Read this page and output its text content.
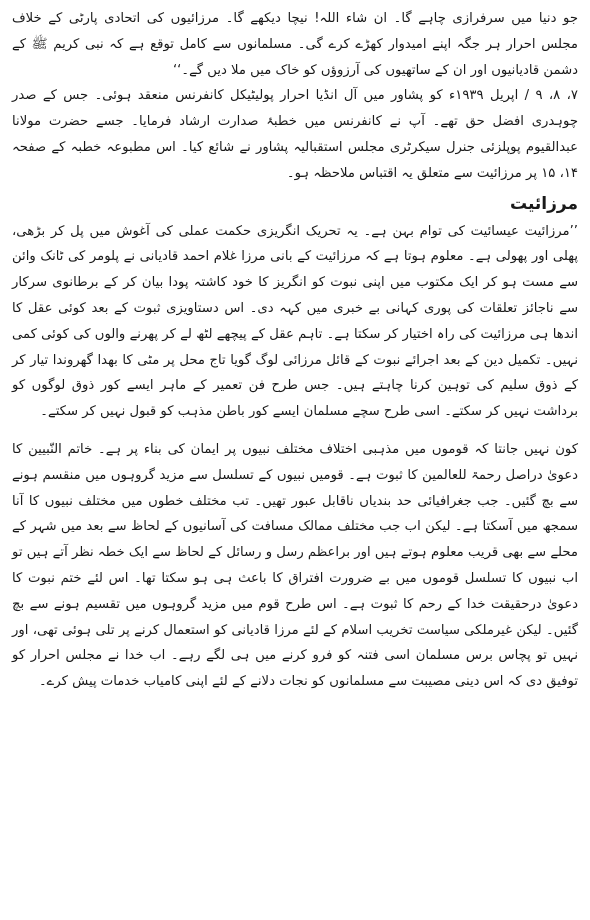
جو دنیا میں سرفرازی چاہے گا۔ ان شاء اللہ! نیچا دیکھے گا۔ مرزائیوں کی اتحادی پارٹی کے خلاف مجلس احرار ہر جگہ اپنے امیدوار کھڑے کرے گی۔ مسلمانوں سے کامل توقع ہے کہ نبی کریم ﷺ کے دشمن قادیانیوں اور ان کے ساتھیوں کی آرزوؤں کو خاک میں ملا دیں گے۔‘‘

۷، ۸، ۹ / اپریل ۱۹۳۹ء کو پشاور میں آل انڈیا احرار پولیٹیکل کانفرنس منعقد ہوئی۔ جس کے صدر چوہدری افضل حق تھے۔ آپ نے کانفرنس میں خطبۂ صدارت ارشاد فرمایا۔ جسے حضرت مولانا عبدالقیوم پوپلزئی جنرل سیکرٹری مجلس استقبالیہ پشاور نے شائع کیا۔ اس مطبوعہ خطبہ کے صفحہ ۱۴، ۱۵ پر مرزائیت سے متعلق یہ اقتباس ملاحظہ ہو۔

مرزائیت

’’مرزائیت عیسائیت کی توام بہن ہے۔ یہ تحریک انگریزی حکمت عملی کی آغوش میں پل کر بڑھی، پھلی اور پھولی ہے۔ معلوم ہوتا ہے کہ مرزائیت کے بانی مرزا غلام احمد قادیانی نے پلومر کی ٹانک وائن سے مست ہو کر ایک مکتوب میں اپنی نبوت کو انگریز کا خود کاشتہ پودا بیان کر کے برطانوی سرکار سے ناجائز تعلقات کی پوری کہانی بے خبری میں کہہ دی۔ اس دستاویزی ثبوت کے بعد کوئی عقل کا اندھا ہی مرزائیت کی راہ اختیار کر سکتا ہے۔ تاہم عقل کے پیچھے لٹھ لے کر پھرنے والوں کی کوئی کمی نہیں۔ تکمیل دین کے بعد اجرائے نبوت کے قائل مرزائی لوگ گویا تاج محل پر مٹی کا بھدا گھروندا تیار کر کے ذوق سلیم کی توہین کرنا چاہتے ہیں۔ جس طرح فن تعمیر کے ماہر ایسے کور ذوق لوگوں کو برداشت نہیں کر سکتے۔ اسی طرح سچے مسلمان ایسے کور باطن مذہب کو قبول نہیں کر سکتے۔

کون نہیں جانتا کہ قوموں میں مذہبی اختلاف مختلف نبیوں پر ایمان کی بناء پر ہے۔ خاتم النّبیین کا دعویٰ دراصل رحمۃ للعالمین کا ثبوت ہے۔ قومیں نبیوں کے تسلسل سے مزید گروہوں میں منقسم ہونے سے بچ گئیں۔ جب جغرافیائی حد بندیاں ناقابل عبور تھیں۔ تب مختلف خطوں میں مختلف نبیوں کا آنا سمجھ میں آسکتا ہے۔ لیکن اب جب مختلف ممالک مسافت کی آسانیوں کے لحاظ سے بعد میں شہر کے محلے سے بھی قریب معلوم ہوتے ہیں اور براعظم رسل و رسائل کے لحاظ سے ایک خطہ نظر آتے ہیں تو اب نبیوں کا تسلسل قوموں میں بے ضرورت افتراق کا باعث ہی ہو سکتا تھا۔ اس لئے ختم نبوت کا دعویٰ درحقیقت خدا کے رحم کا ثبوت ہے۔ اس طرح قوم میں مزید گروہوں میں تقسیم ہونے سے بچ گئیں۔ لیکن غیرملکی سیاست تخریب اسلام کے لئے مرزا قادیانی کو استعمال کرنے پر تلی ہوئی تھی، اور نہیں تو پچاس برس مسلمان اسی فتنہ کو فرو کرنے میں ہی لگے رہے۔ اب خدا نے مجلس احرار کو توفیق دی کہ اس دینی مصیبت سے مسلمانوں کو نجات دلانے کے لئے اپنی کامیاب خدمات پیش کرے۔
